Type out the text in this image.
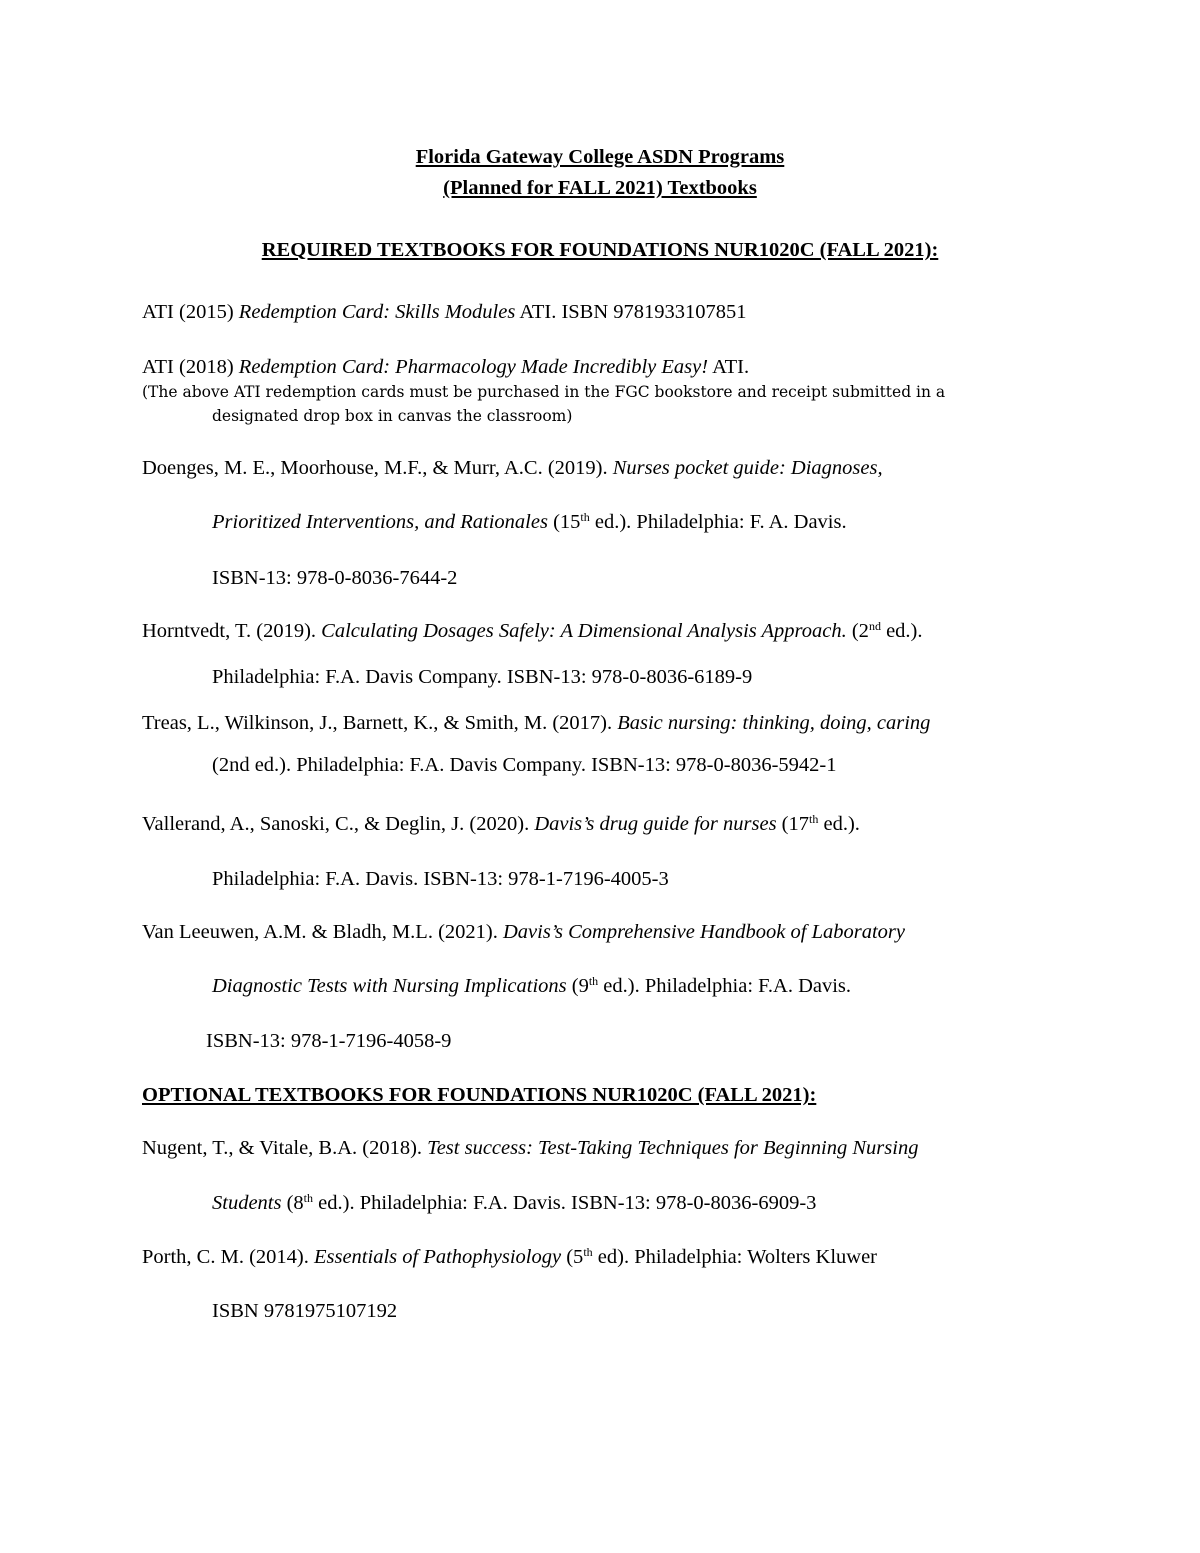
Florida Gateway College ASDN Programs
(Planned for FALL 2021) Textbooks
REQUIRED TEXTBOOKS FOR FOUNDATIONS NUR1020C (FALL 2021):
ATI (2015) Redemption Card: Skills Modules ATI. ISBN 9781933107851
ATI (2018) Redemption Card: Pharmacology Made Incredibly Easy! ATI.
(The above ATI redemption cards must be purchased in the FGC bookstore and receipt submitted in a
designated drop box in canvas the classroom)
Doenges, M. E., Moorhouse, M.F., & Murr, A.C. (2019). Nurses pocket guide: Diagnoses,
Prioritized Interventions, and Rationales (15th ed.). Philadelphia: F. A. Davis.
ISBN-13: 978-0-8036-7644-2
Horntvedt, T. (2019). Calculating Dosages Safely: A Dimensional Analysis Approach. (2nd ed.).
Philadelphia: F.A. Davis Company. ISBN-13: 978-0-8036-6189-9
Treas, L., Wilkinson, J., Barnett, K., & Smith, M. (2017). Basic nursing: thinking, doing, caring
(2nd ed.). Philadelphia: F.A. Davis Company. ISBN-13: 978-0-8036-5942-1
Vallerand, A., Sanoski, C., & Deglin, J. (2020). Davis’s drug guide for nurses (17th ed.).
Philadelphia: F.A. Davis. ISBN-13: 978-1-7196-4005-3
Van Leeuwen, A.M. & Bladh, M.L. (2021). Davis’s Comprehensive Handbook of Laboratory
Diagnostic Tests with Nursing Implications (9th ed.). Philadelphia: F.A. Davis.
ISBN-13: 978-1-7196-4058-9
OPTIONAL TEXTBOOKS FOR FOUNDATIONS NUR1020C (FALL 2021):
Nugent, T., & Vitale, B.A. (2018). Test success: Test-Taking Techniques for Beginning Nursing
Students (8th ed.). Philadelphia: F.A. Davis. ISBN-13: 978-0-8036-6909-3
Porth, C. M. (2014). Essentials of Pathophysiology (5th ed). Philadelphia: Wolters Kluwer
ISBN 9781975107192
